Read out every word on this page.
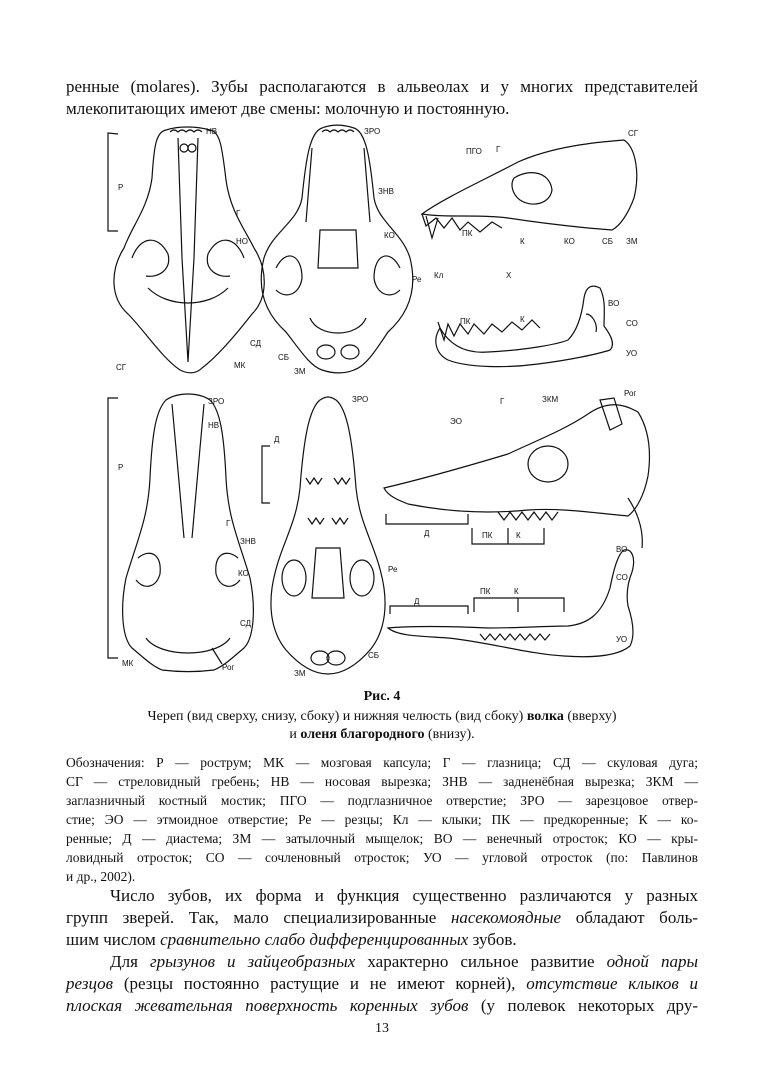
ренные (molares). Зубы располагаются в альвеолах и у многих представителей
млекопитающих имеют две смены: молочную и постоянную.

НВ	ЗРО	СГ
Г
ПГО
Р	ЗНВ
Г
НО
КО	ПК
К	КО	СБ ЗМ
Ре Кл	Х
ВО
ПК	К	СО
СД
СБ	УО
СГ	МК
ЗМ
Рог
ЗРО	ЗРО	Г	ЗКМ
ЭО
НВ
Д
Р
Д	ПК	К
Г
ЗНВ
ВО
КО	Ре
СО
Д
ПК	К
СД
УО
МК	Рог
СБ
ЗМ
Рис. 4
Череп (вид сверху, снизу, сбоку) и нижняя челюсть (вид сбоку) волка (вверху)
и оленя благородного (внизу).

Обозначения: Р — рострум; МК — мозговая капсула; Г — глазница; СД — скуловая дуга;
СГ — стреловидный гребень; НВ — носовая вырезка; ЗНВ — задненёбная вырезка; ЗКМ —
заглазничный костный мостик; ПГО — подглазничное отверстие; ЗРО — зарезцовое отвер-
стие; ЭО — этмоидное отверстие; Ре — резцы; Кл — клыки; ПК — предкоренные; К — ко-
ренные; Д — диастема; ЗМ — затылочный мыщелок; ВО — венечный отросток; КО — кры-
ловидный отросток; СО — сочленовный отросток; УО — угловой отросток (по: Павлинов
и др., 2002).

Число зубов, их форма и функция существенно различаются у разных
групп зверей. Так, мало специализированные насекомоядные обладают боль-
шим числом сравнительно слабо дифференцированных зубов.

Для грызунов и зайцеобразных характерно сильное развитие одной пары
резцов (резцы постоянно растущие и не имеют корней), отсутствие клыков и
плоская жевательная поверхность коренных зубов (у полевок некоторых дру-

13
